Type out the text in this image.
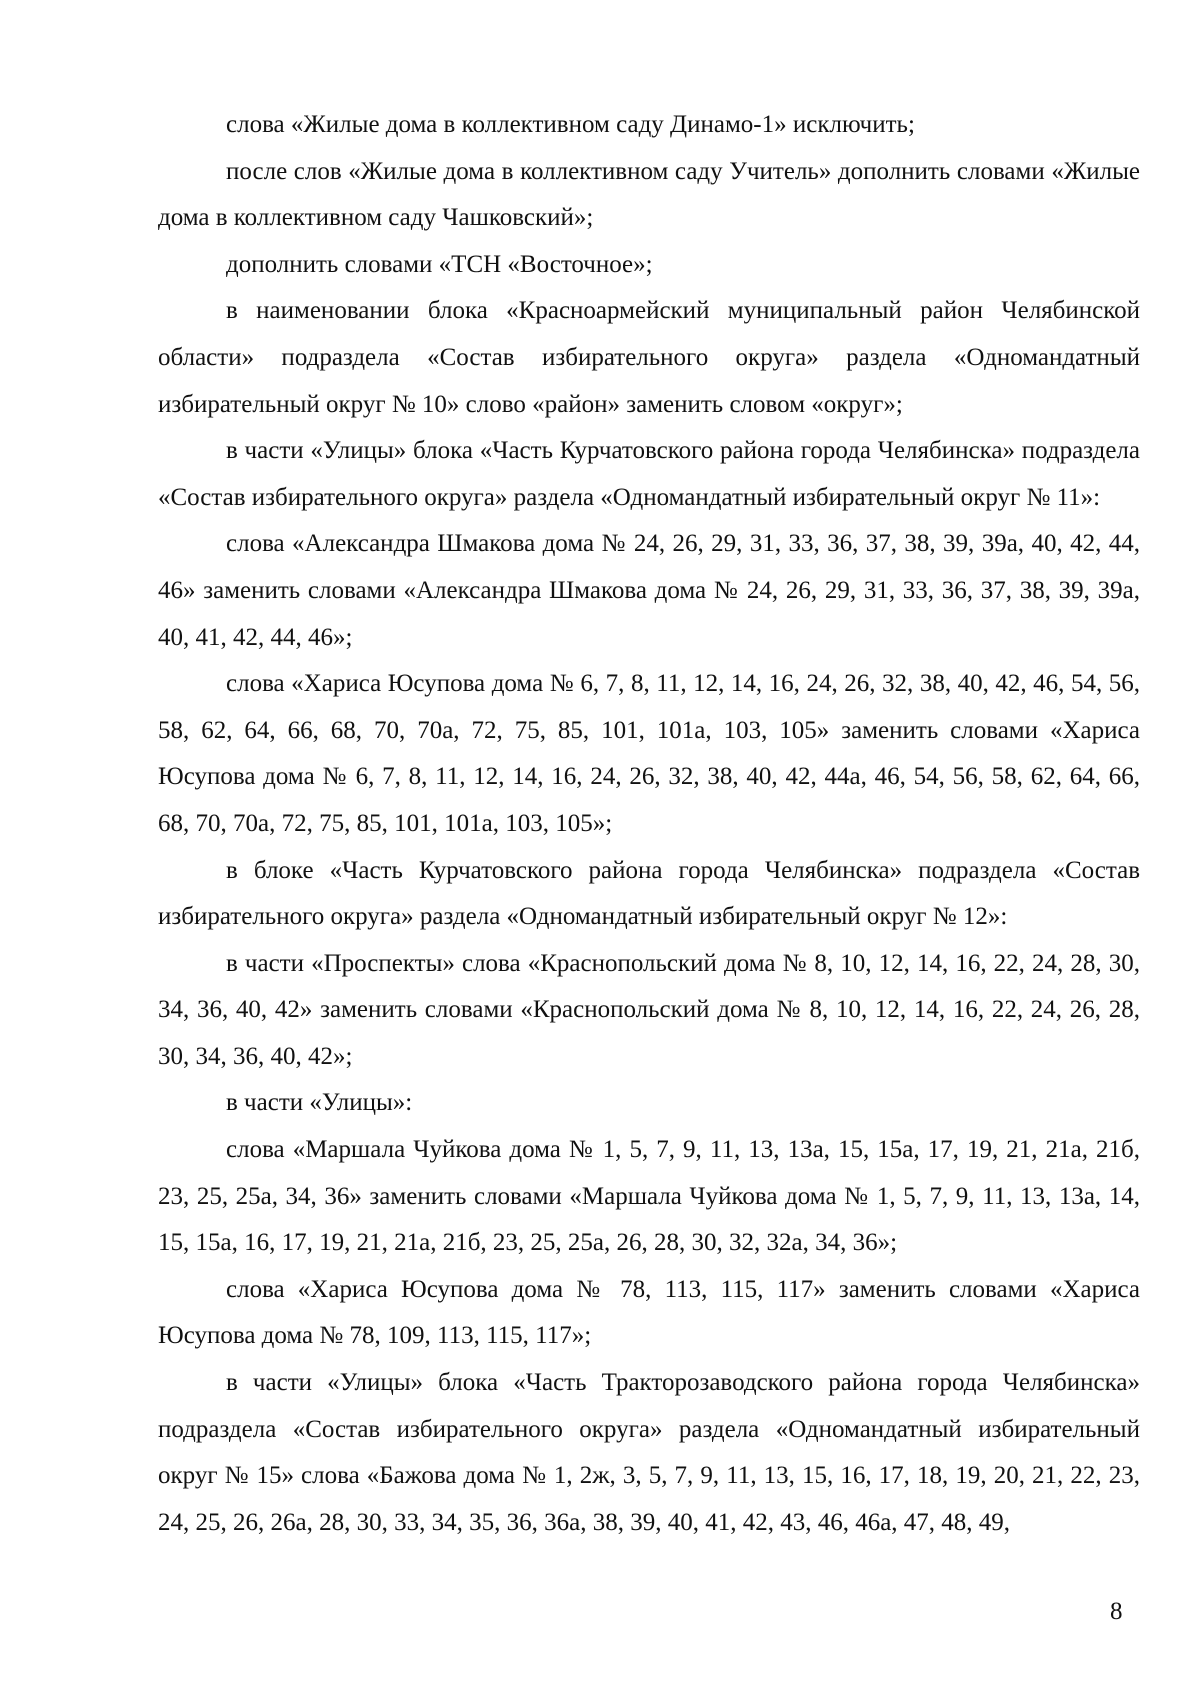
слова «Жилые дома в коллективном саду Динамо-1» исключить;

после слов «Жилые дома в коллективном саду Учитель» дополнить словами «Жилые дома в коллективном саду Чашковский»;

дополнить словами «ТСН «Восточное»;

в наименовании блока «Красноармейский муниципальный район Челябинской области» подраздела «Состав избирательного округа» раздела «Одномандатный избирательный округ № 10» слово «район» заменить словом «округ»;

в части «Улицы» блока «Часть Курчатовского района города Челябинска» подраздела «Состав избирательного округа» раздела «Одномандатный избирательный округ № 11»:

слова «Александра Шмакова дома № 24, 26, 29, 31, 33, 36, 37, 38, 39, 39а, 40, 42, 44, 46» заменить словами «Александра Шмакова дома № 24, 26, 29, 31, 33, 36, 37, 38, 39, 39а, 40, 41, 42, 44, 46»;

слова «Хариса Юсупова дома № 6, 7, 8, 11, 12, 14, 16, 24, 26, 32, 38, 40, 42, 46, 54, 56, 58, 62, 64, 66, 68, 70, 70а, 72, 75, 85, 101, 101а, 103, 105» заменить словами «Хариса Юсупова дома № 6, 7, 8, 11, 12, 14, 16, 24, 26, 32, 38, 40, 42, 44а, 46, 54, 56, 58, 62, 64, 66, 68, 70, 70а, 72, 75, 85, 101, 101а, 103, 105»;

в блоке «Часть Курчатовского района города Челябинска» подраздела «Состав избирательного округа» раздела «Одномандатный избирательный округ № 12»:

в части «Проспекты» слова «Краснопольский дома № 8, 10, 12, 14, 16, 22, 24, 28, 30, 34, 36, 40, 42» заменить словами «Краснопольский дома № 8, 10, 12, 14, 16, 22, 24, 26, 28, 30, 34, 36, 40, 42»;

в части «Улицы»:

слова «Маршала Чуйкова дома № 1, 5, 7, 9, 11, 13, 13а, 15, 15а, 17, 19, 21, 21а, 21б, 23, 25, 25а, 34, 36» заменить словами «Маршала Чуйкова дома № 1, 5, 7, 9, 11, 13, 13а, 14, 15, 15а, 16, 17, 19, 21, 21а, 21б, 23, 25, 25а, 26, 28, 30, 32, 32а, 34, 36»;

слова «Хариса Юсупова дома № 78, 113, 115, 117» заменить словами «Хариса Юсупова дома № 78, 109, 113, 115, 117»;

в части «Улицы» блока «Часть Тракторозаводского района города Челябинска» подраздела «Состав избирательного округа» раздела «Одномандатный избирательный округ № 15» слова «Бажова дома № 1, 2ж, 3, 5, 7, 9, 11, 13, 15, 16, 17, 18, 19, 20, 21, 22, 23, 24, 25, 26, 26а, 28, 30, 33, 34, 35, 36, 36а, 38, 39, 40, 41, 42, 43, 46, 46а, 47, 48, 49,

8
